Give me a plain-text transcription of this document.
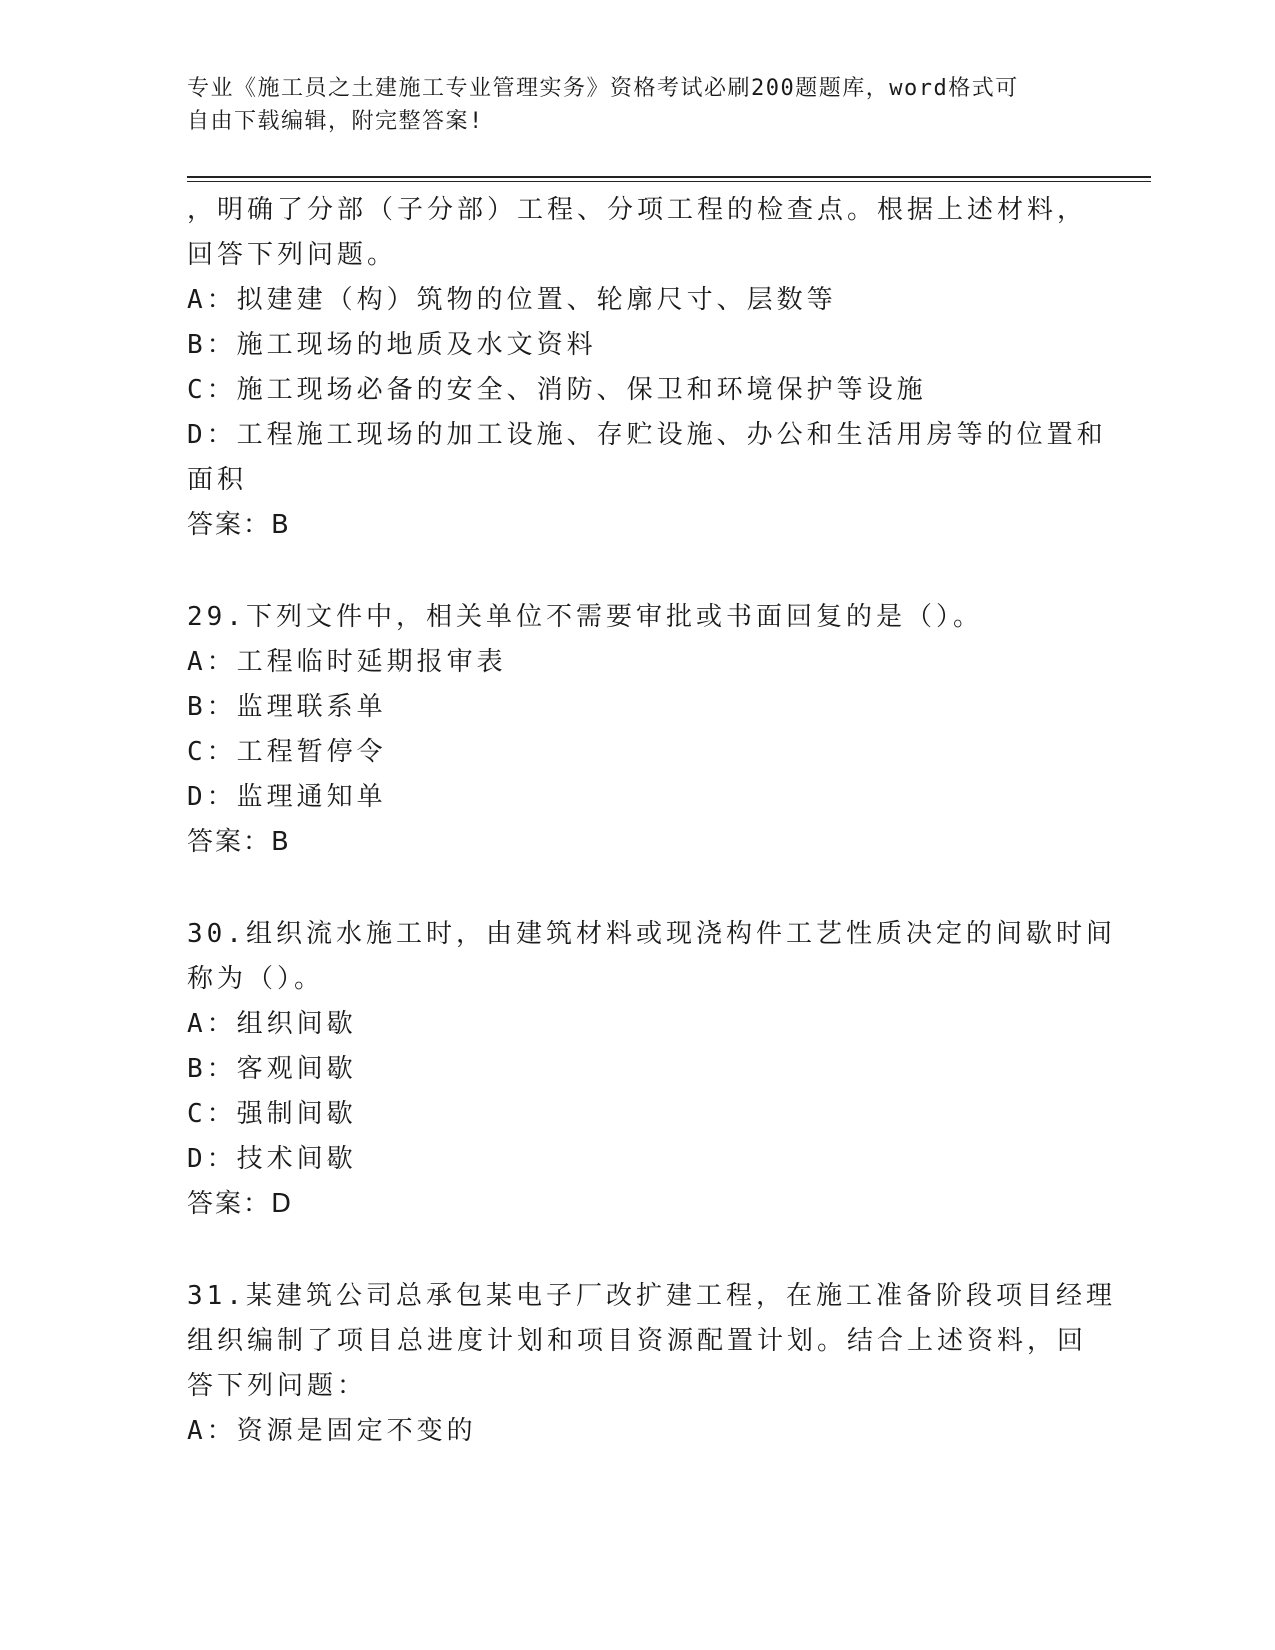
专业《施工员之土建施工专业管理实务》资格考试必刷200题题库，word格式可
自由下载编辑，附完整答案!
，明确了分部（子分部）工程、分项工程的检查点。根据上述材料，
回答下列问题。
A：拟建建（构）筑物的位置、轮廓尺寸、层数等
B：施工现场的地质及水文资料
C：施工现场必备的安全、消防、保卫和环境保护等设施
D：工程施工现场的加工设施、存贮设施、办公和生活用房等的位置和
面积
答案：B
29.下列文件中，相关单位不需要审批或书面回复的是（）。
A：工程临时延期报审表
B：监理联系单
C：工程暂停令
D：监理通知单
答案：B
30.组织流水施工时，由建筑材料或现浇构件工艺性质决定的间歇时间
称为（）。
A：组织间歇
B：客观间歇
C：强制间歇
D：技术间歇
答案：D
31.某建筑公司总承包某电子厂改扩建工程，在施工准备阶段项目经理
组织编制了项目总进度计划和项目资源配置计划。结合上述资料，回
答下列问题：
A：资源是固定不变的
